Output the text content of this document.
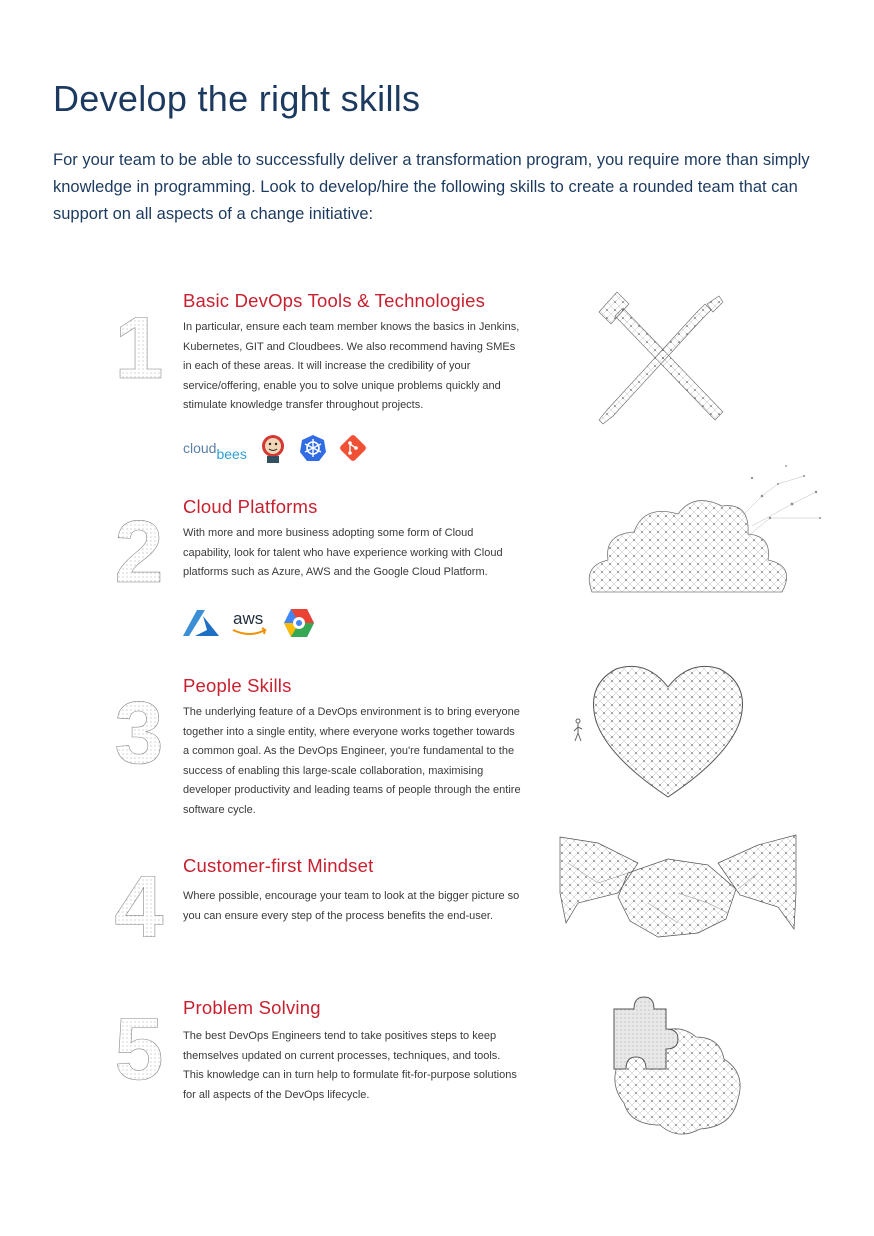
Develop the right skills

For your team to be able to successfully deliver a transformation program, you require more than simply knowledge in programming. Look to develop/hire the following skills to create a rounded team that can support on all aspects of a change initiative:

1 Basic DevOps Tools & Technologies

In particular, ensure each team member knows the basics in Jenkins, Kubernetes, GIT and Cloudbees. We also recommend having SMEs in each of these areas. It will increase the credibility of your service/offering, enable you to solve unique problems quickly and stimulate knowledge transfer throughout projects.

cloudbees
2 Cloud Platforms

With more and more business adopting some form of Cloud capability, look for talent who have experience working with Cloud platforms such as Azure, AWS and the Google Cloud Platform.

aws
3 People Skills

The underlying feature of a DevOps environment is to bring everyone together into a single entity, where everyone works together towards a common goal. As the DevOps Engineer, you're fundamental to the success of enabling this large-scale collaboration, maximising developer productivity and leading teams of people through the entire software cycle.

4 Customer-first Mindset

Where possible, encourage your team to look at the bigger picture so you can ensure every step of the process benefits the end-user.

5 Problem Solving

The best DevOps Engineers tend to take positives steps to keep themselves updated on current processes, techniques, and tools. This knowledge can in turn help to formulate fit-for-purpose solutions for all aspects of the DevOps lifecycle.
